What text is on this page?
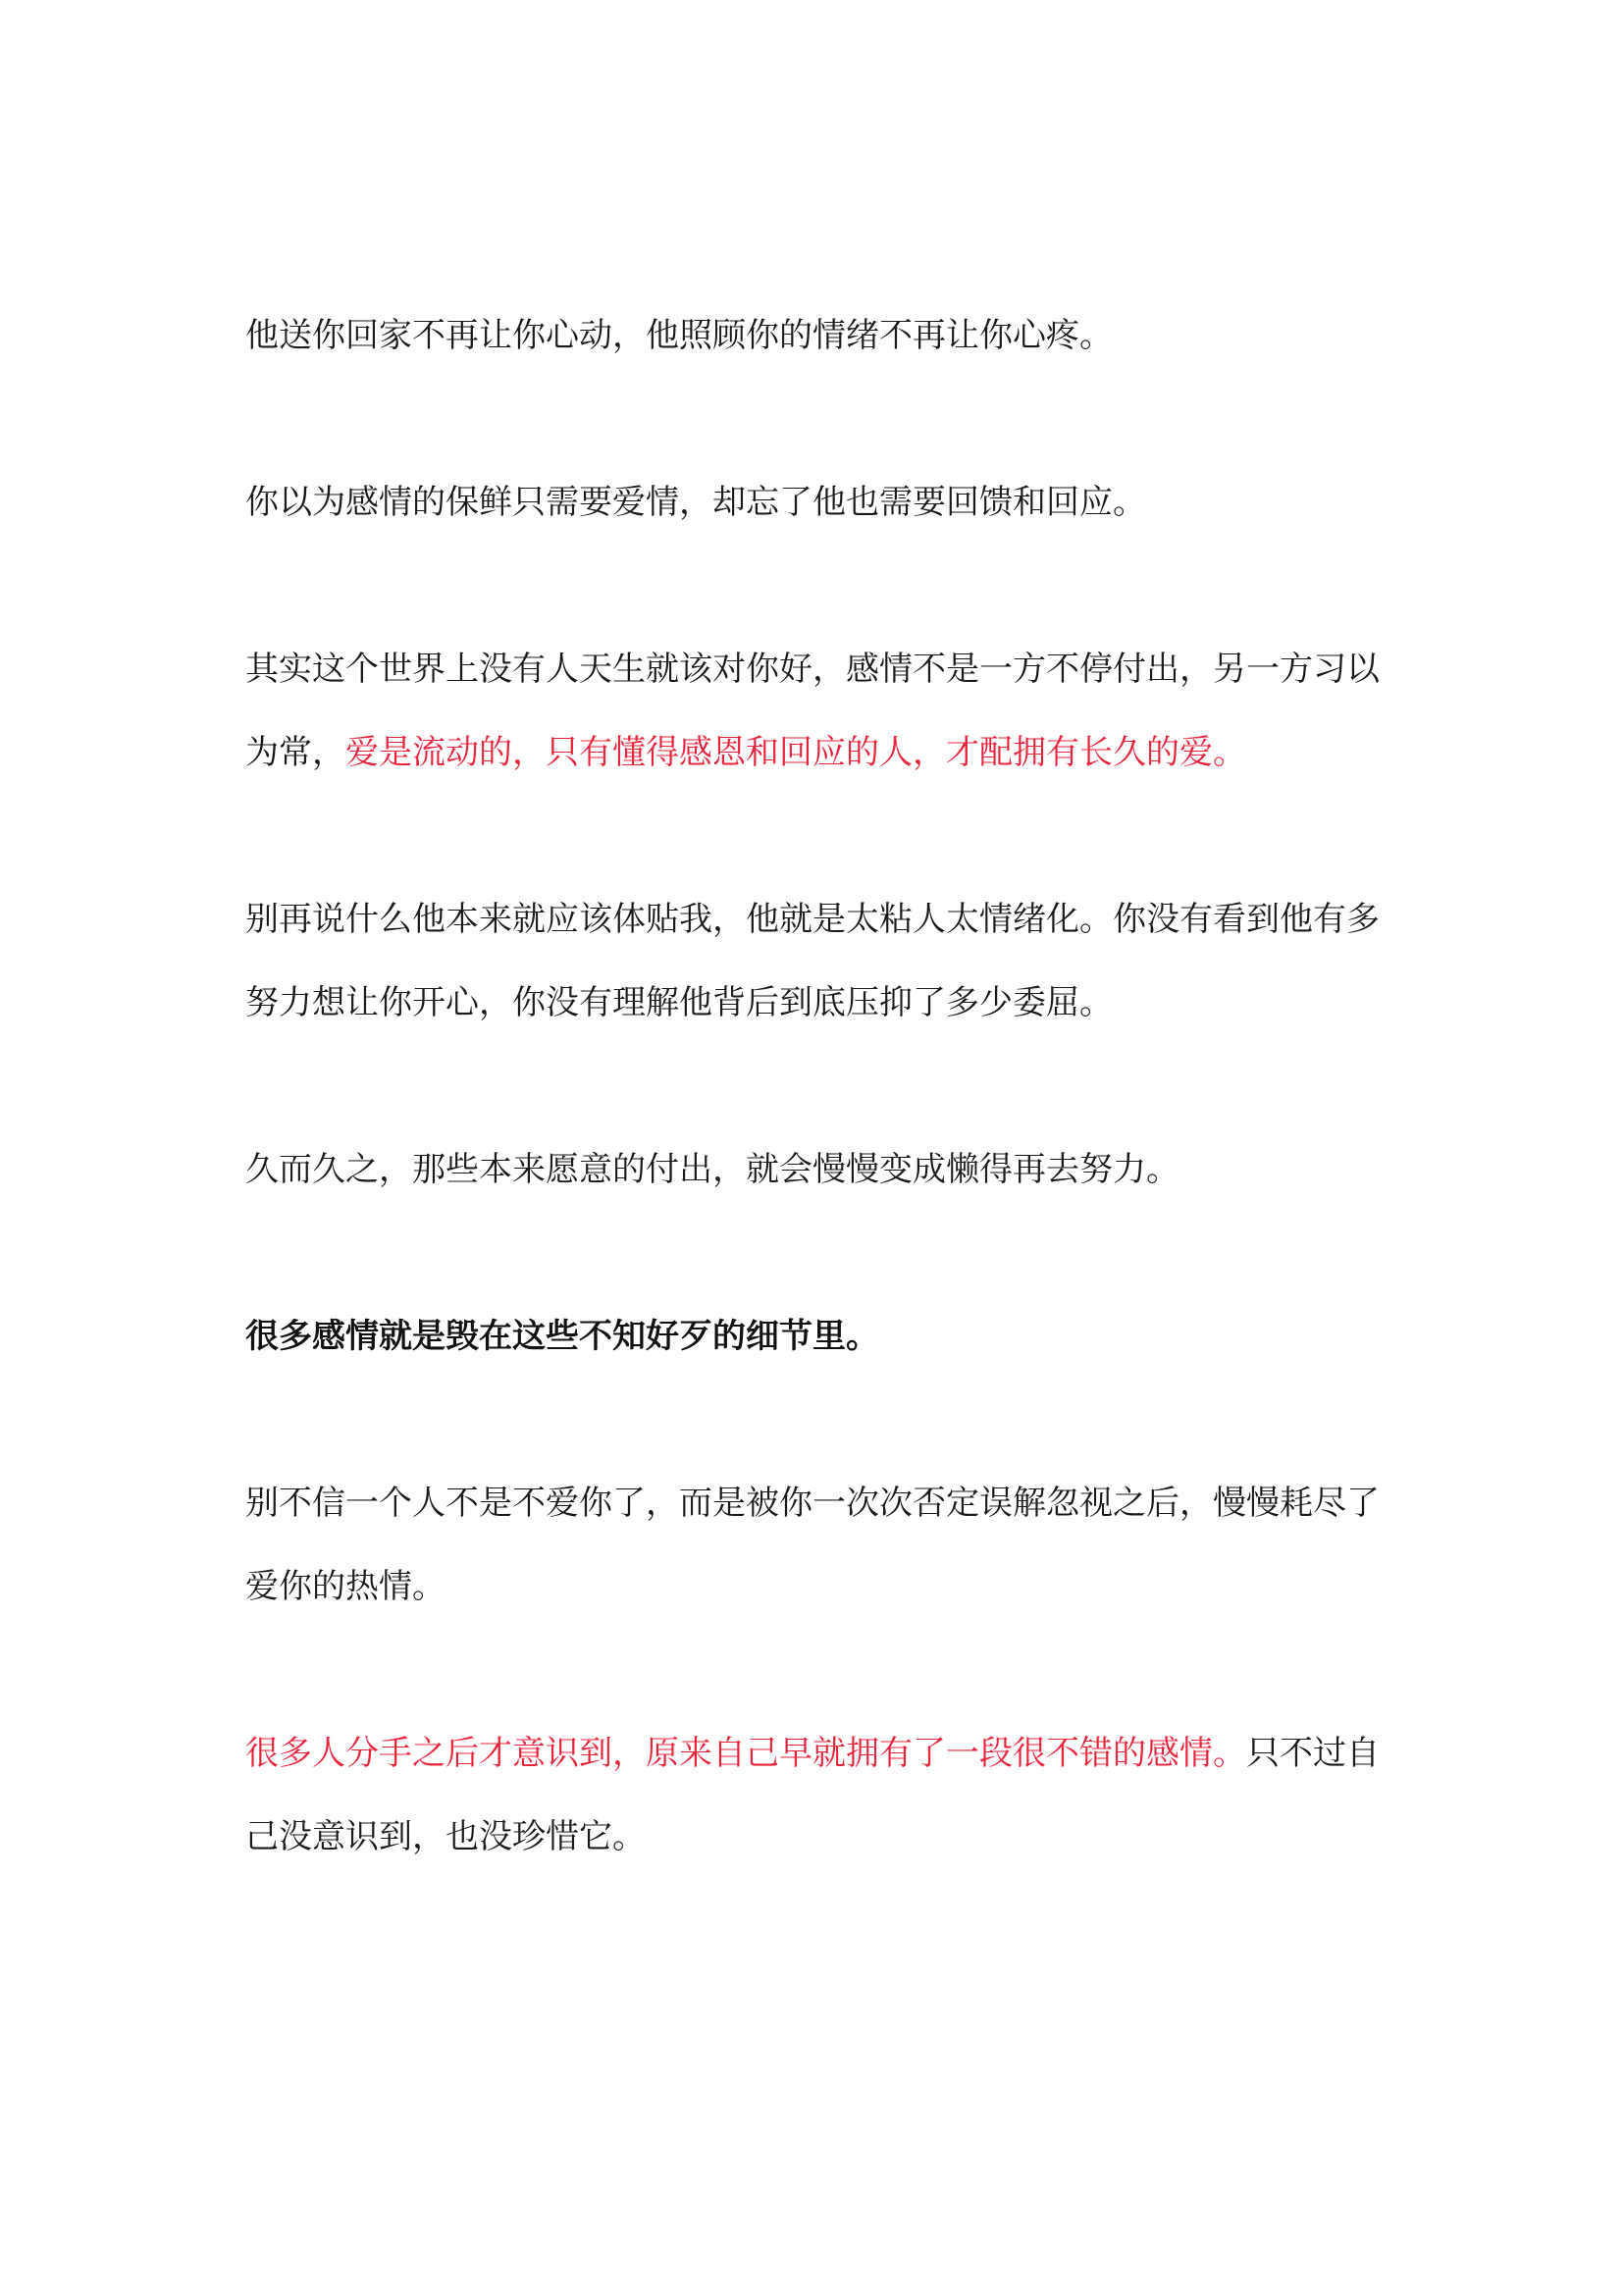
他送你回家不再让你心动，他照顾你的情绪不再让你心疼。

你以为感情的保鲜只需要爱情，却忘了他也需要回馈和回应。

其实这个世界上没有人天生就该对你好，感情不是一方不停付出，另一方习以为常，爱是流动的，只有懂得感恩和回应的人，才配拥有长久的爱。

别再说什么他本来就应该体贴我，他就是太粘人太情绪化。你没有看到他有多努力想让你开心，你没有理解他背后到底压抑了多少委屈。

久而久之，那些本来愿意的付出，就会慢慢变成懒得再去努力。

很多感情就是毁在这些不知好歹的细节里。

别不信一个人不是不爱你了，而是被你一次次否定误解忽视之后，慢慢耗尽了爱你的热情。

很多人分手之后才意识到，原来自己早就拥有了一段很不错的感情。只不过自己没意识到，也没珍惜它。
